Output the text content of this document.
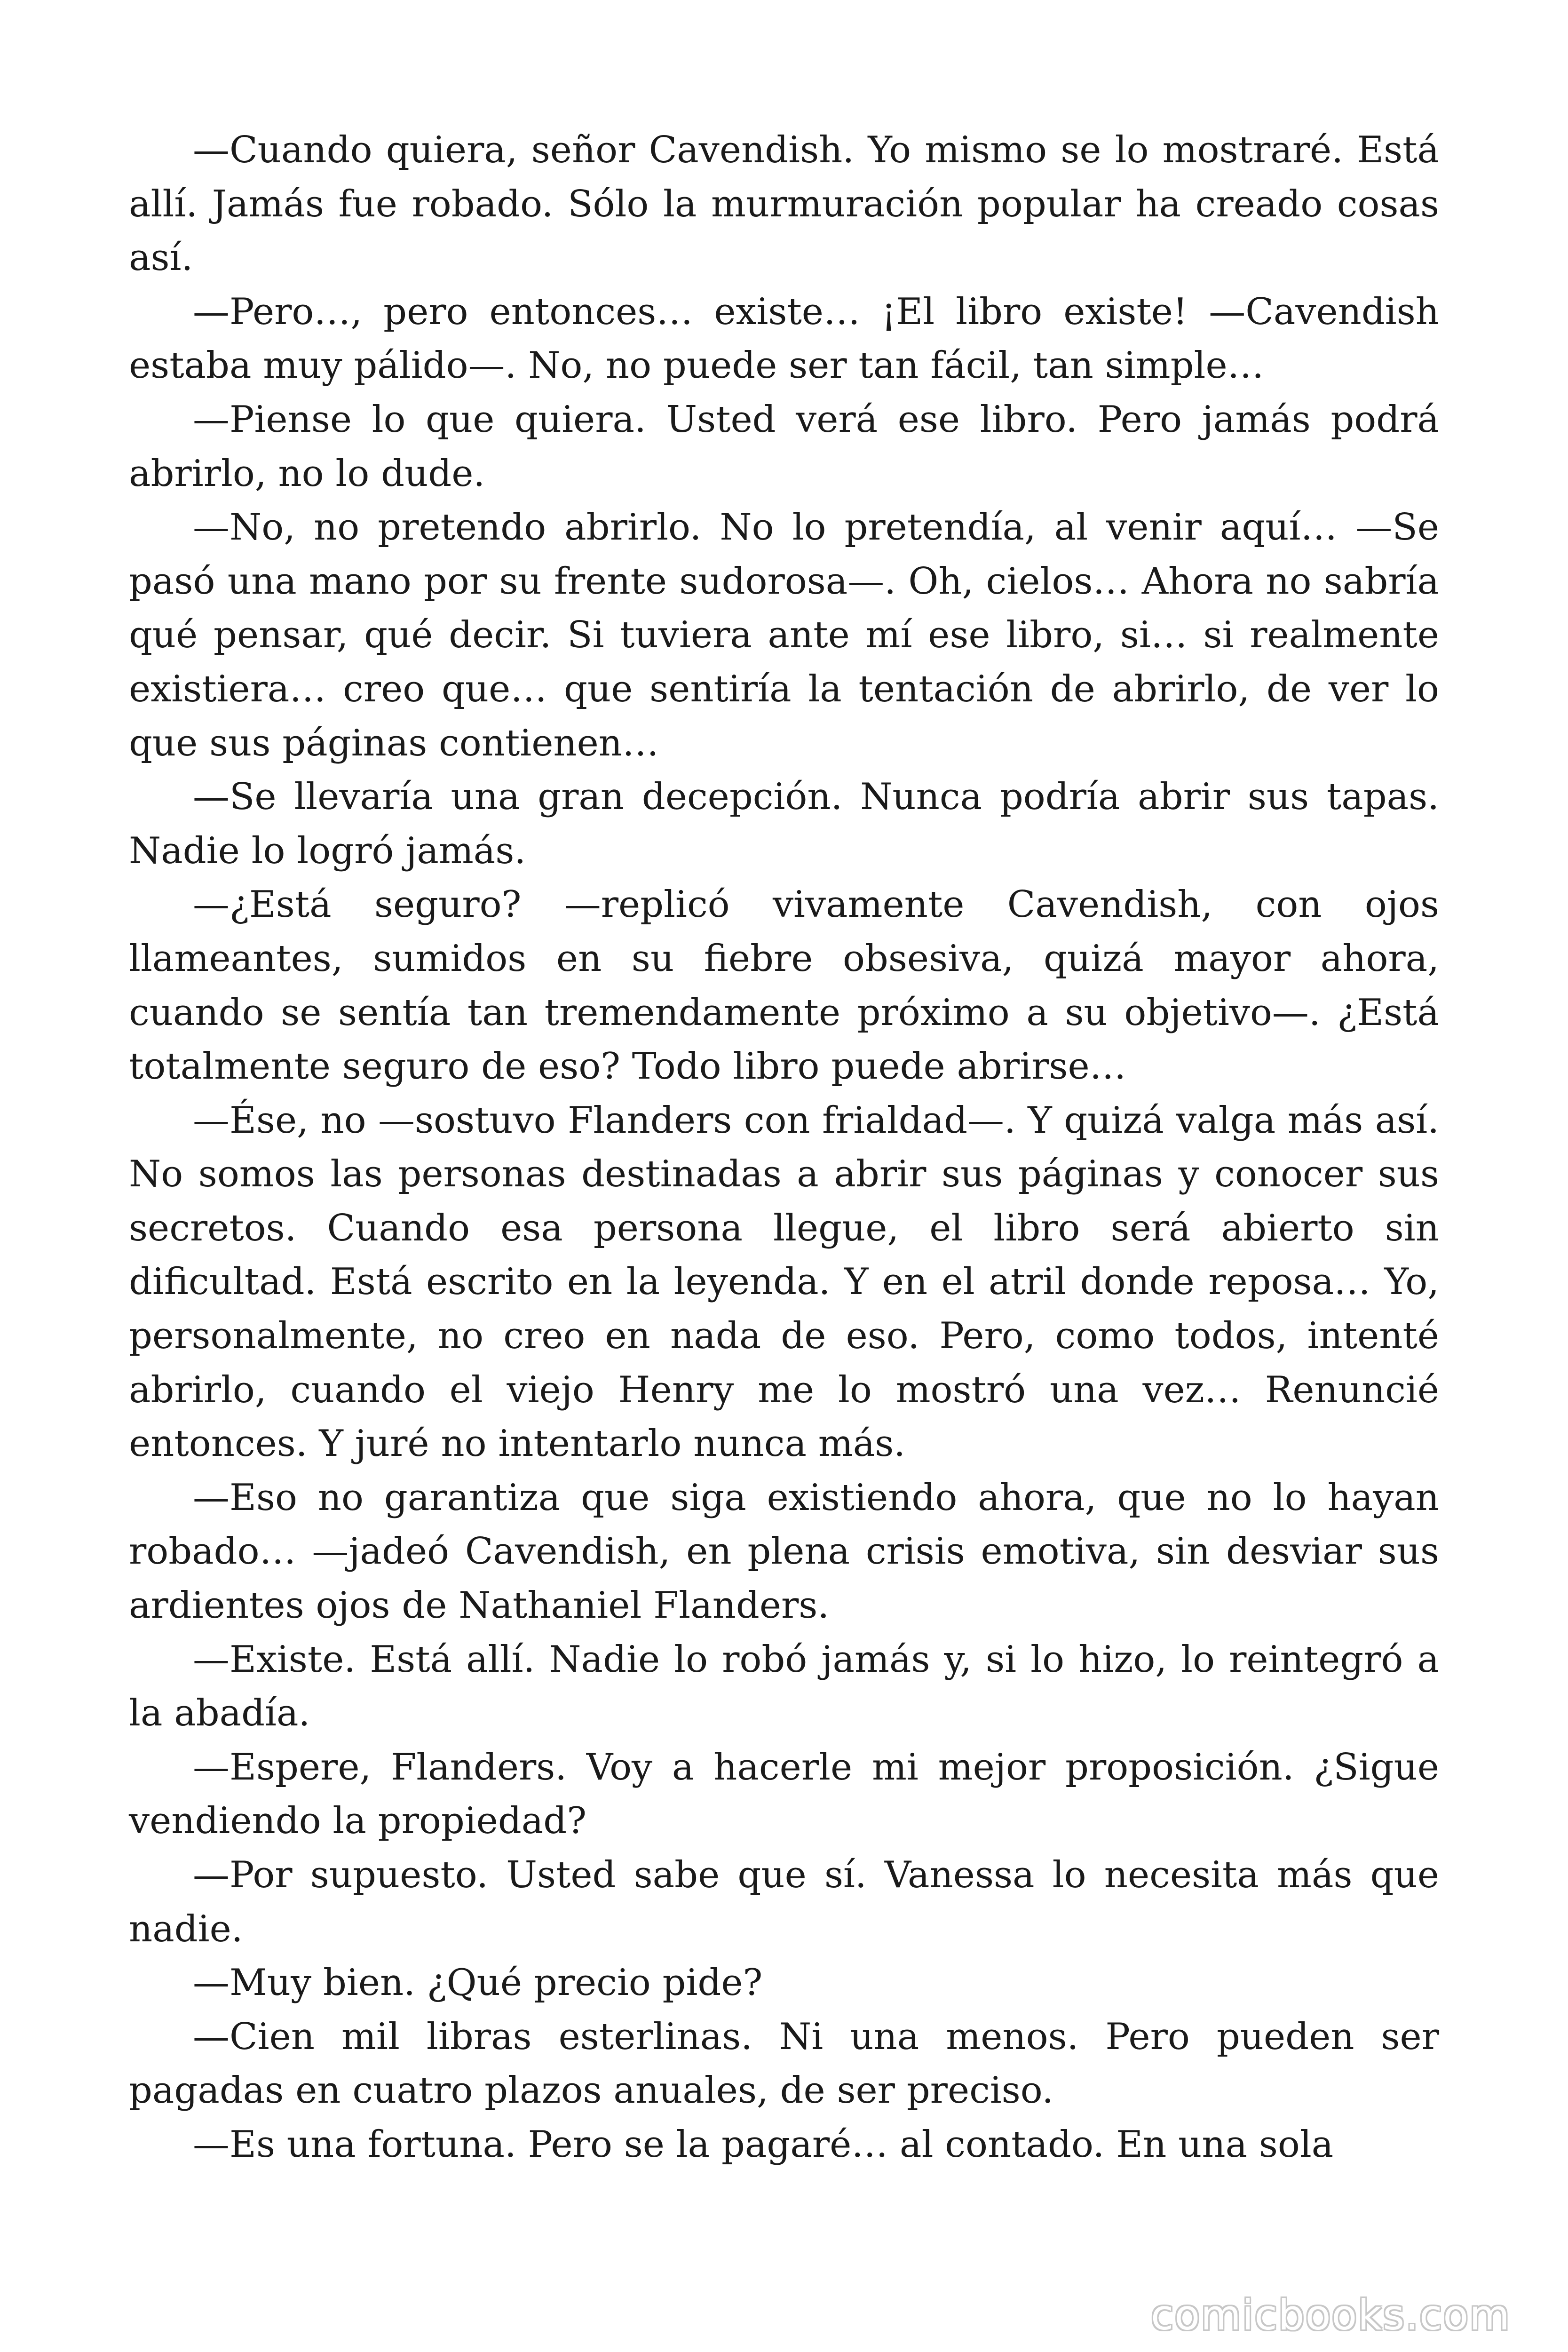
—Cuando quiera, señor Cavendish. Yo mismo se lo mostraré. Está allí. Jamás fue robado. Sólo la murmuración popular ha creado cosas así.

—Pero…, pero entonces… existe… ¡El libro existe! —Cavendish estaba muy pálido—. No, no puede ser tan fácil, tan simple…

—Piense lo que quiera. Usted verá ese libro. Pero jamás podrá abrirlo, no lo dude.

—No, no pretendo abrirlo. No lo pretendía, al venir aquí… —Se pasó una mano por su frente sudorosa—. Oh, cielos… Ahora no sabría qué pensar, qué decir. Si tuviera ante mí ese libro, si… si realmente existiera… creo que… que sentiría la tentación de abrirlo, de ver lo que sus páginas contienen…

—Se llevaría una gran decepción. Nunca podría abrir sus tapas. Nadie lo logró jamás.

—¿Está seguro? —replicó vivamente Cavendish, con ojos llameantes, sumidos en su fiebre obsesiva, quizá mayor ahora, cuando se sentía tan tremendamente próximo a su objetivo—. ¿Está totalmente seguro de eso? Todo libro puede abrirse…

—Ése, no —sostuvo Flanders con frialdad—. Y quizá valga más así. No somos las personas destinadas a abrir sus páginas y conocer sus secretos. Cuando esa persona llegue, el libro será abierto sin dificultad. Está escrito en la leyenda. Y en el atril donde reposa… Yo, personalmente, no creo en nada de eso. Pero, como todos, intenté abrirlo, cuando el viejo Henry me lo mostró una vez… Renuncié entonces. Y juré no intentarlo nunca más.

—Eso no garantiza que siga existiendo ahora, que no lo hayan robado… —jadeó Cavendish, en plena crisis emotiva, sin desviar sus ardientes ojos de Nathaniel Flanders.

—Existe. Está allí. Nadie lo robó jamás y, si lo hizo, lo reintegró a la abadía.

—Espere, Flanders. Voy a hacerle mi mejor proposición. ¿Sigue vendiendo la propiedad?

—Por supuesto. Usted sabe que sí. Vanessa lo necesita más que nadie.

—Muy bien. ¿Qué precio pide?

—Cien mil libras esterlinas. Ni una menos. Pero pueden ser pagadas en cuatro plazos anuales, de ser preciso.

—Es una fortuna. Pero se la pagaré… al contado. En una sola

comicbooks.com
